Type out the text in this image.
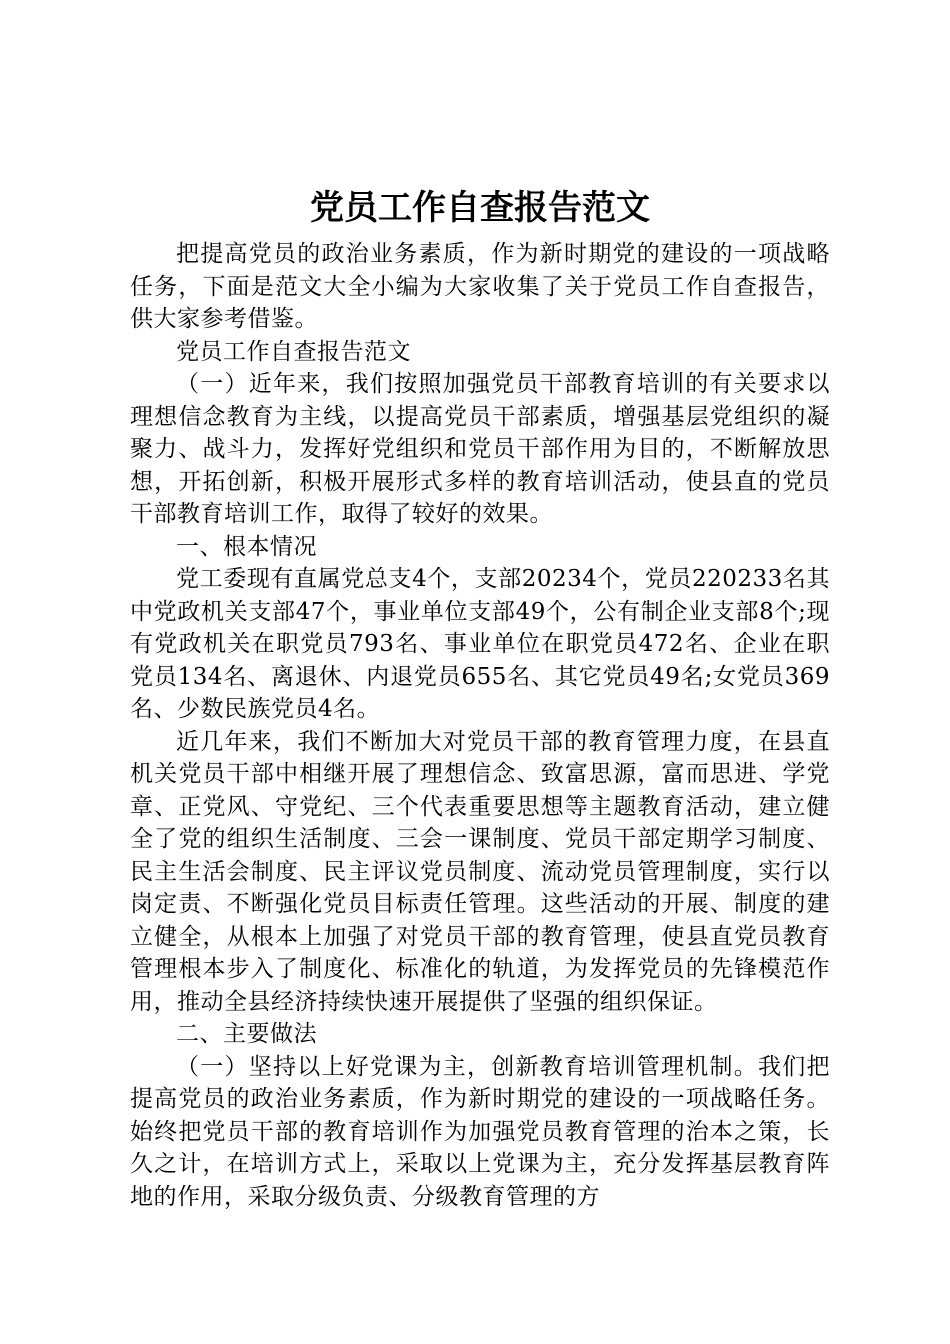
党员工作自查报告范文

把提高党员的政治业务素质，作为新时期党的建设的一项战略任务，下面是范文大全小编为大家收集了关于党员工作自查报告，供大家参考借鉴。

党员工作自查报告范文

（一）近年来，我们按照加强党员干部教育培训的有关要求以理想信念教育为主线，以提高党员干部素质，增强基层党组织的凝聚力、战斗力，发挥好党组织和党员干部作用为目的，不断解放思想，开拓创新，积极开展形式多样的教育培训活动，使县直的党员干部教育培训工作，取得了较好的效果。

一、根本情况

党工委现有直属党总支4个，支部20234个，党员220233名其中党政机关支部47个，事业单位支部49个，公有制企业支部8个;现有党政机关在职党员793名、事业单位在职党员472名、企业在职党员134名、离退休、内退党员655名、其它党员49名;女党员369名、少数民族党员4名。

近几年来，我们不断加大对党员干部的教育管理力度，在县直机关党员干部中相继开展了理想信念、致富思源，富而思进、学党章、正党风、守党纪、三个代表重要思想等主题教育活动，建立健全了党的组织生活制度、三会一课制度、党员干部定期学习制度、民主生活会制度、民主评议党员制度、流动党员管理制度，实行以岗定责、不断强化党员目标责任管理。这些活动的开展、制度的建立健全，从根本上加强了对党员干部的教育管理，使县直党员教育管理根本步入了制度化、标准化的轨道，为发挥党员的先锋模范作用，推动全县经济持续快速开展提供了坚强的组织保证。

二、主要做法

（一）坚持以上好党课为主，创新教育培训管理机制。我们把提高党员的政治业务素质，作为新时期党的建设的一项战略任务。始终把党员干部的教育培训作为加强党员教育管理的治本之策，长久之计，在培训方式上，采取以上党课为主，充分发挥基层教育阵地的作用，采取分级负责、分级教育管理的方
